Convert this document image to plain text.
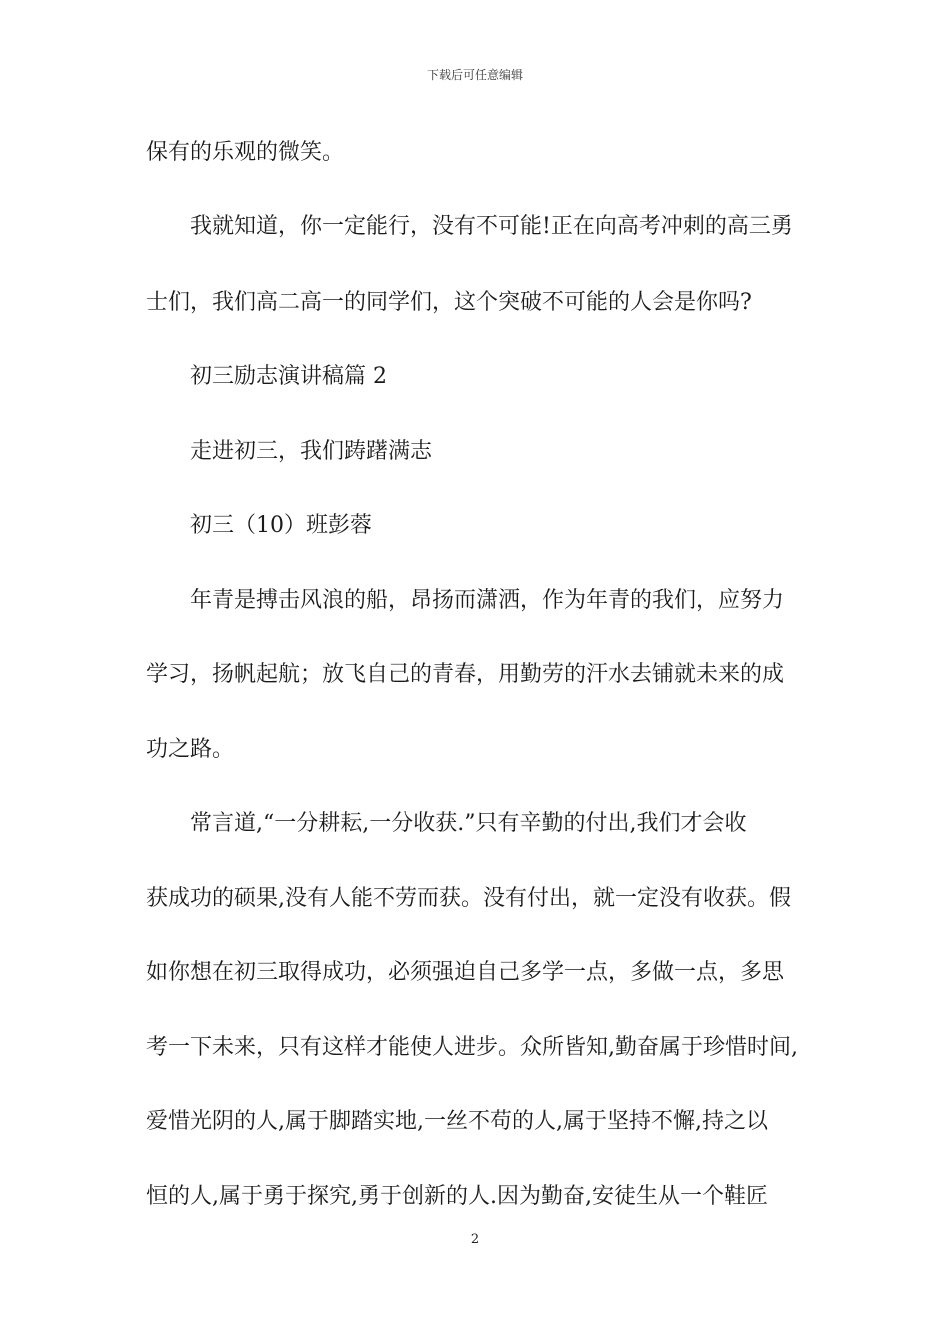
下载后可任意编辑
保有的乐观的微笑。
我就知道，你一定能行，没有不可能!正在向高考冲刺的高三勇
士们，我们高二高一的同学们，这个突破不可能的人会是你吗?
初三励志演讲稿篇 2
走进初三，我们踌躇满志
初三（10）班彭蓉
年青是搏击风浪的船，昂扬而潇洒，作为年青的我们，应努力
学习，扬帆起航；放飞自己的青春，用勤劳的汗水去铺就未来的成
功之路。
常言道,“一分耕耘,一分收获.”只有辛勤的付出,我们才会收
获成功的硕果,没有人能不劳而获。没有付出，就一定没有收获。假
如你想在初三取得成功，必须强迫自己多学一点，多做一点，多思
考一下未来，只有这样才能使人进步。众所皆知,勤奋属于珍惜时间,
爱惜光阴的人,属于脚踏实地,一丝不苟的人,属于坚持不懈,持之以
恒的人,属于勇于探究,勇于创新的人.因为勤奋,安徒生从一个鞋匠
2
